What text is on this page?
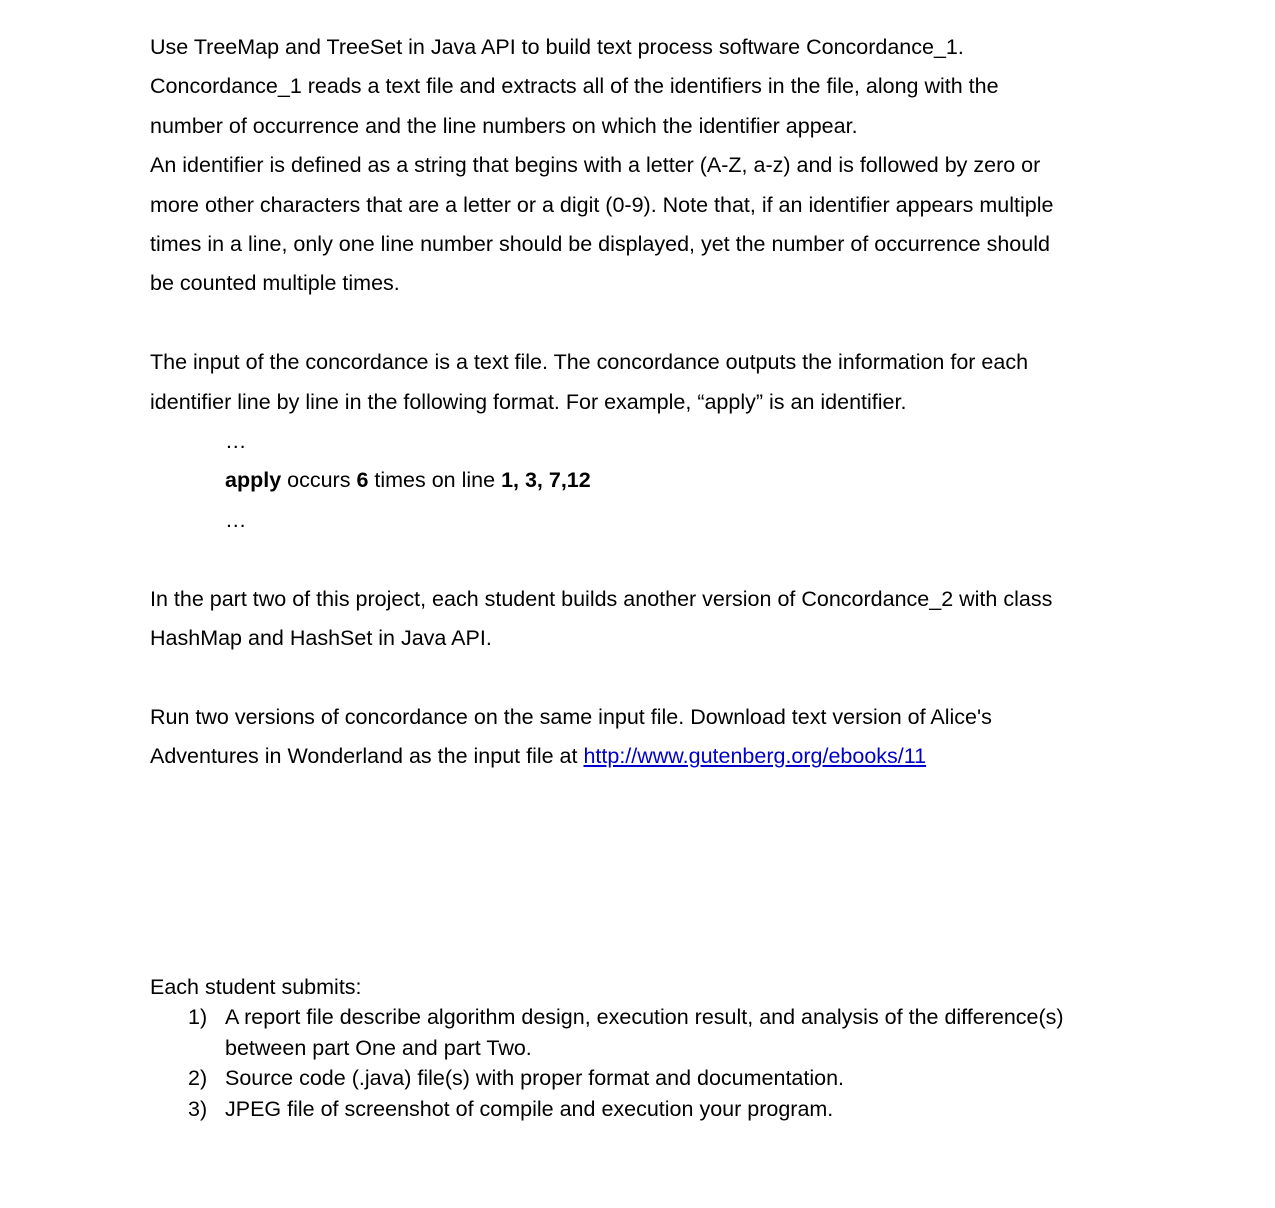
Use TreeMap and TreeSet in Java API to build text process software Concordance_1.
Concordance_1 reads a text file and extracts all of the identifiers in the file, along with the
number of occurrence and the line numbers on which the identifier appear.
An identifier is defined as a string that begins with a letter (A-Z, a-z) and is followed by zero or
more other characters that are a letter or a digit (0-9). Note that, if an identifier appears multiple
times in a line, only one line number should be displayed, yet the number of occurrence should
be counted multiple times.
The input of the concordance is a text file. The concordance outputs the information for each
identifier line by line in the following format. For example, “apply” is an identifier.
…
apply occurs 6 times on line 1, 3, 7,12
…
In the part two of this project, each student builds another version of Concordance_2 with class
HashMap and HashSet in Java API.
Run two versions of concordance on the same input file. Download text version of Alice's
Adventures in Wonderland as the input file at http://www.gutenberg.org/ebooks/11
Each student submits:
1) A report file describe algorithm design, execution result, and analysis of the difference(s)
between part One and part Two.
2) Source code (.java) file(s) with proper format and documentation.
3) JPEG file of screenshot of compile and execution your program.
